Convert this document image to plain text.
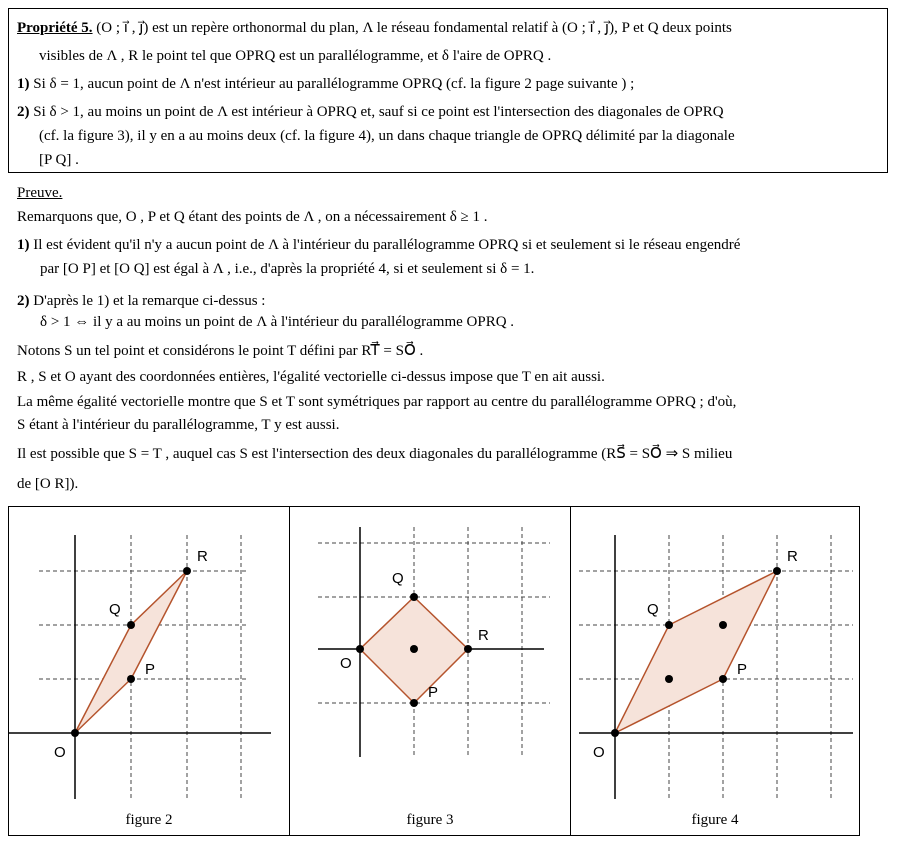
Propriété 5. (O ; i⃗ , j⃗) est un repère orthonormal du plan, Λ le réseau fondamental relatif à (O ; i⃗ , j⃗), P et Q deux points
visibles de Λ , R le point tel que OPRQ est un parallélogramme, et δ l'aire de OPRQ .
1) Si δ = 1, aucun point de Λ n'est intérieur au parallélogramme OPRQ (cf. la figure 2 page suivante ) ;
2) Si δ > 1, au moins un point de Λ est intérieur à OPRQ et, sauf si ce point est l'intersection des diagonales de OPRQ
(cf. la figure 3), il y en a au moins deux (cf. la figure 4), un dans chaque triangle de OPRQ délimité par la diagonale
[P Q] .
Preuve.
Remarquons que, O , P et Q étant des points de Λ , on a nécessairement δ ≥ 1 .
1) Il est évident qu'il n'y a aucun point de Λ à l'intérieur du parallélogramme OPRQ si et seulement si le réseau engendré
par [O P] et [O Q] est égal à Λ , i.e., d'après la propriété 4, si et seulement si δ = 1.
2) D'après le 1) et la remarque ci-dessus :
δ > 1 ⇔ il y a au moins un point de Λ à l'intérieur du parallélogramme OPRQ .
Notons S un tel point et considérons le point T défini par RT⃗ = SO⃗ .
R , S et O ayant des coordonnées entières, l'égalité vectorielle ci-dessus impose que T en ait aussi.
La même égalité vectorielle montre que S et T sont symétriques par rapport au centre du parallélogramme OPRQ ; d'où,
S étant à l'intérieur du parallélogramme, T y est aussi.
Il est possible que S = T , auquel cas S est l'intersection des deux diagonales du parallélogramme (RS⃗ = SO⃗ ⇒ S milieu
de [O R]).
O
P
Q
R
figure 2
O
P
Q
R
figure 3
O
P
Q
R
figure 4
